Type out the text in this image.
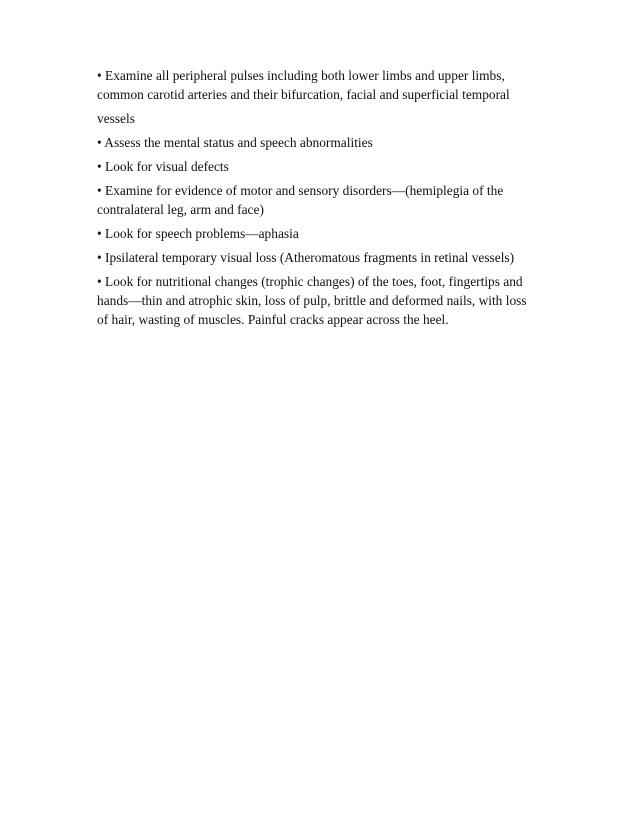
• Examine all peripheral pulses including both lower limbs and upper limbs,
common carotid arteries and their bifurcation, facial and superficial temporal

vessels

• Assess the mental status and speech abnormalities

• Look for visual defects

• Examine for evidence of motor and sensory disorders—(hemiplegia of the
contralateral leg, arm and face)

• Look for speech problems—aphasia

• Ipsilateral temporary visual loss (Atheromatous fragments in retinal vessels)

• Look for nutritional changes (trophic changes) of the toes, foot, fingertips and
hands—thin and atrophic skin, loss of pulp, brittle and deformed nails, with loss
of hair, wasting of muscles. Painful cracks appear across the heel.
